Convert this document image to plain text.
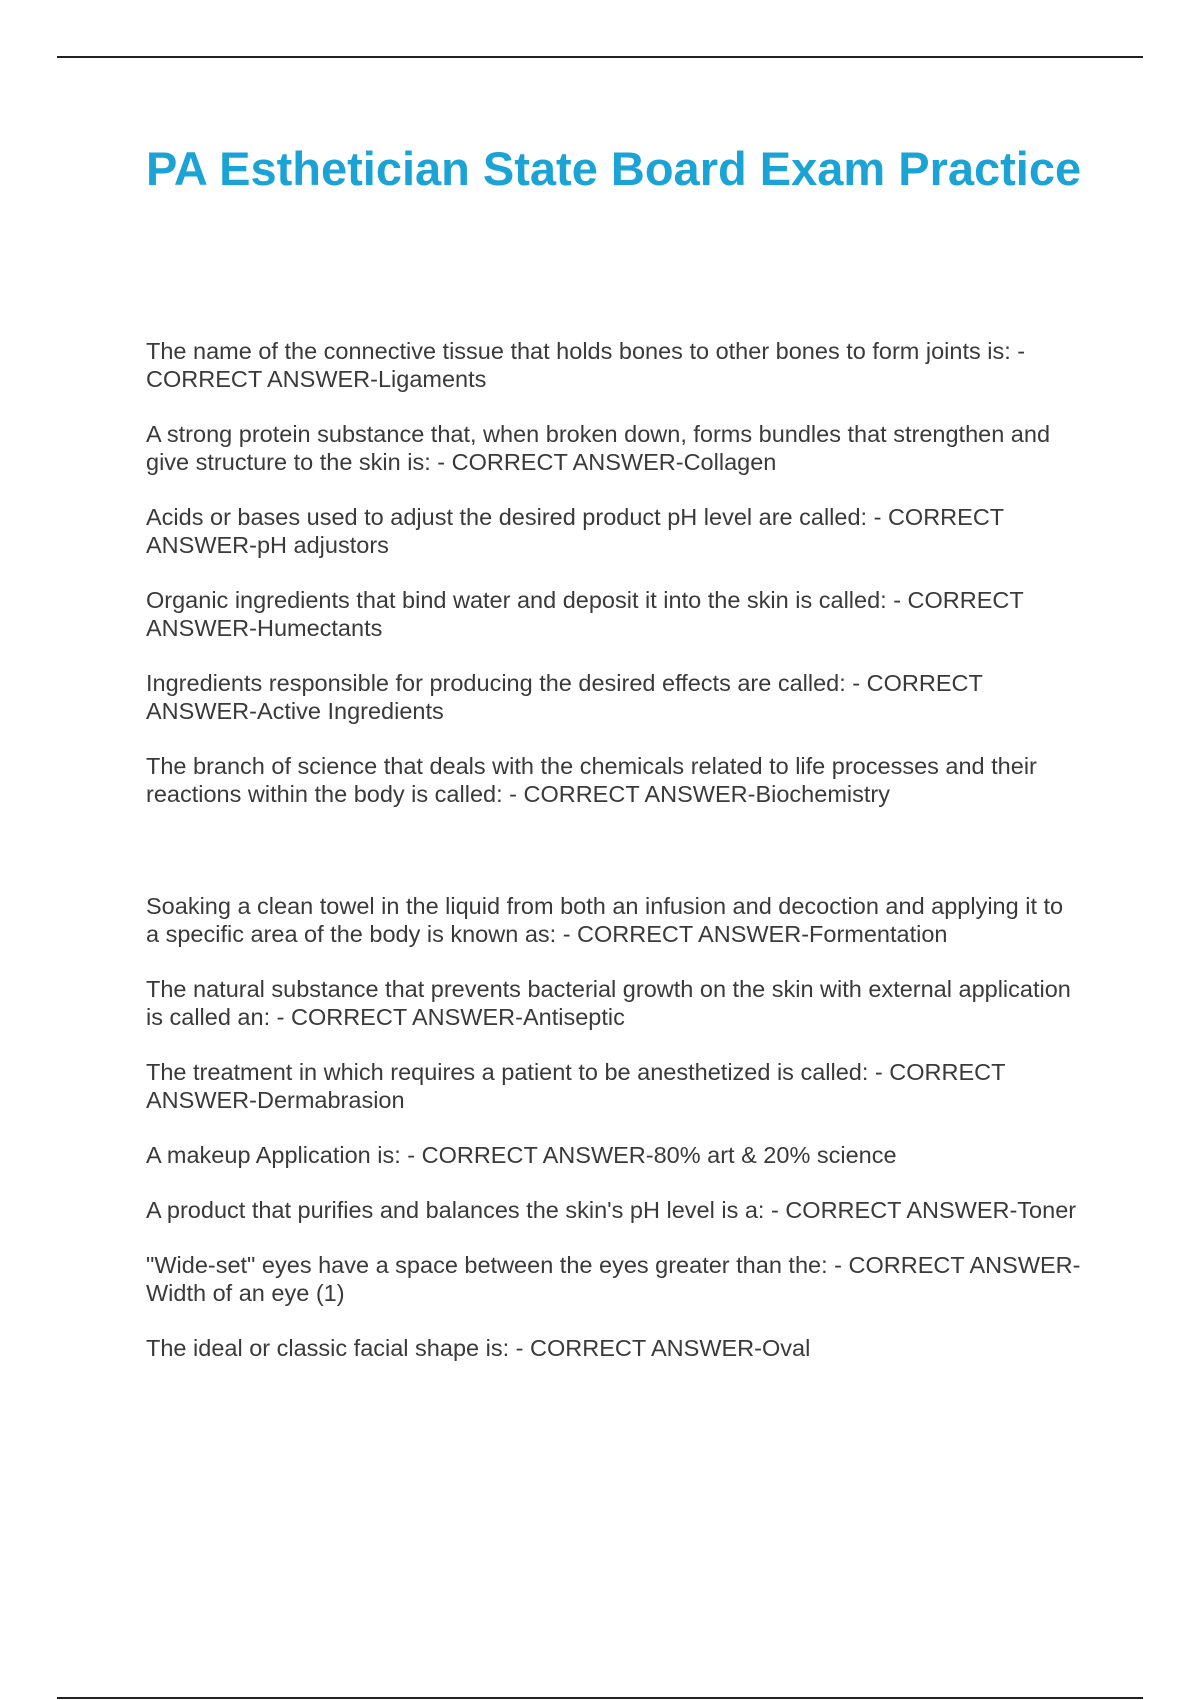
PA Esthetician State Board Exam Practice

The name of the connective tissue that holds bones to other bones to form joints is: - CORRECT ANSWER-Ligaments

A strong protein substance that, when broken down, forms bundles that strengthen and give structure to the skin is: - CORRECT ANSWER-Collagen

Acids or bases used to adjust the desired product pH level are called: - CORRECT ANSWER-pH adjustors

Organic ingredients that bind water and deposit it into the skin is called: - CORRECT ANSWER-Humectants

Ingredients responsible for producing the desired effects are called: - CORRECT ANSWER-Active Ingredients

The branch of science that deals with the chemicals related to life processes and their reactions within the body is called: - CORRECT ANSWER-Biochemistry

Soaking a clean towel in the liquid from both an infusion and decoction and applying it to a specific area of the body is known as: - CORRECT ANSWER-Formentation

The natural substance that prevents bacterial growth on the skin with external application is called an: - CORRECT ANSWER-Antiseptic

The treatment in which requires a patient to be anesthetized is called: - CORRECT ANSWER-Dermabrasion

A makeup Application is: - CORRECT ANSWER-80% art & 20% science

A product that purifies and balances the skin's pH level is a: - CORRECT ANSWER-Toner

"Wide-set" eyes have a space between the eyes greater than the: - CORRECT ANSWER-Width of an eye (1)

The ideal or classic facial shape is: - CORRECT ANSWER-Oval
